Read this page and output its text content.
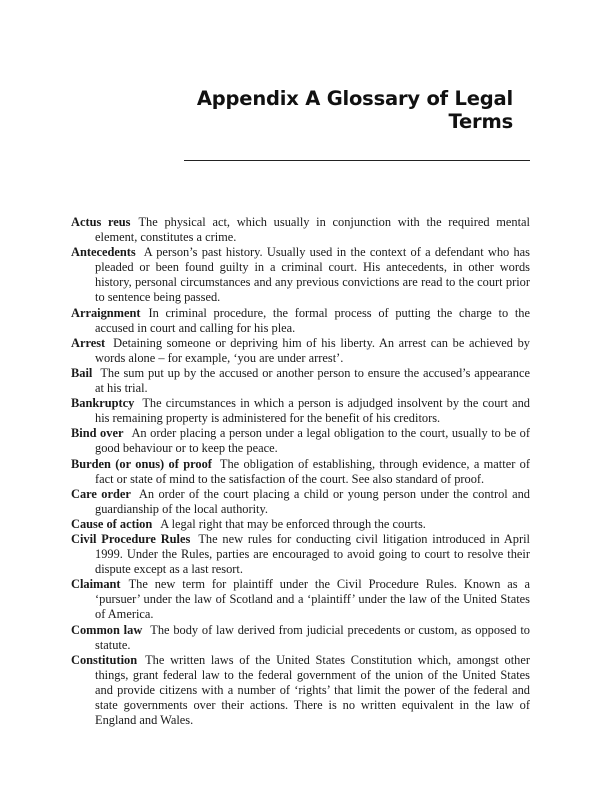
Appendix A Glossary of Legal
Terms
Actus reus The physical act, which usually in conjunction with the required mental element, constitutes a crime.
Antecedents A person’s past history. Usually used in the context of a defendant who has pleaded or been found guilty in a criminal court. His antecedents, in other words history, personal circumstances and any previous convictions are read to the court prior to sentence being passed.
Arraignment In criminal procedure, the formal process of putting the charge to the accused in court and calling for his plea.
Arrest Detaining someone or depriving him of his liberty. An arrest can be achieved by words alone – for example, ‘you are under arrest’.
Bail The sum put up by the accused or another person to ensure the accused’s appearance at his trial.
Bankruptcy The circumstances in which a person is adjudged insolvent by the court and his remaining property is administered for the benefit of his creditors.
Bind over An order placing a person under a legal obligation to the court, usually to be of good behaviour or to keep the peace.
Burden (or onus) of proof The obligation of establishing, through evidence, a matter of fact or state of mind to the satisfaction of the court. See also standard of proof.
Care order An order of the court placing a child or young person under the control and guardianship of the local authority.
Cause of action A legal right that may be enforced through the courts.
Civil Procedure Rules The new rules for conducting civil litigation introduced in April 1999. Under the Rules, parties are encouraged to avoid going to court to resolve their dispute except as a last resort.
Claimant The new term for plaintiff under the Civil Procedure Rules. Known as a ‘pursuer’ under the law of Scotland and a ‘plaintiff’ under the law of the United States of America.
Common law The body of law derived from judicial precedents or custom, as opposed to statute.
Constitution The written laws of the United States Constitution which, amongst other things, grant federal law to the federal government of the union of the United States and provide citizens with a number of ‘rights’ that limit the power of the federal and state governments over their actions. There is no written equivalent in the law of England and Wales.
